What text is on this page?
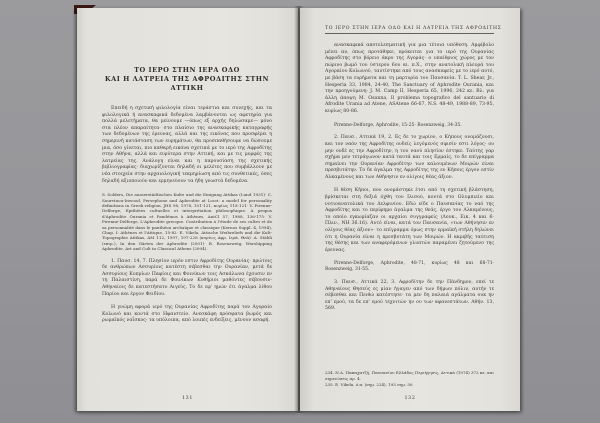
ΤΟ ΙΕΡΟ ΣΤΗΝ ΙΕΡΑ ΟΔΟ
ΚΑΙ Η ΛΑΤΡΕΙΑ ΤΗΣ ΑΦΡΟΔΙΤΗΣ ΣΤΗΝ ΑΤΤΙΚΗ

Επειδή η σχετική φιλολογία είναι τεράστια και συνεχής, και τα φιλολογικά ή ανασκαφικά δεδομένα λαμβάνονται ως αφετηρία για πολλά μελετήματα, θα μείνουμε —όπως εξ αρχής δηλώσαμε— μόνο στα πλέον απαραίτητα· στο πλαίσιο της ανασκαφικής καταγραφής των δεδομένων της έρευνας, αλλά και της εικόνας που προσφέρει η σημερινή κατάσταση των ευρημάτων, θα προσπαθήσουμε να δώσουμε μια, όσο γίνεται, πιο καθαρή εικόνα σχετικά με το ιερό της Αφροδίτης στην Αθήνα, αλλά και ευρύτερα στην Αττική, και με τις μορφές της λατρείας της. Ανάλογη είναι και η παρουσίαση της σχετικής βιβλιογραφίας· διαχωρίζονται δηλαδή οι μελέτες που συμβάλλουν με νέα στοιχεία στην αρχαιολογική τεκμηρίωση από τις συνθετικές, όσες δηλαδή αξιοποιούν και ερμηνεύουν τα ήδη γνωστά δεδομένα.

S. Solders, Die ausserstädtischen Kulte und die Einigung Attikas (Lund 1931)· C. Sourvinou-Inwood, Persephone and Aphrodite at Locri: a model for personality definitions in Greek religion, JHS 98, 1978, 101-121, κυρίως 118-121· V. Pirenne-Delforge, Epithètes cultuelles et interprétation philosophique. À propos d'Aphrodite Ourania et Pandémos à Athènes, AntCl 57, 1988, 136-175· V. Pirenne-Delforge, L'Aphrodite grecque. Contribution à l'étude de ses cultes et de sa personnalité dans le panthéon archaïque et classique (Kernos Suppl. 4, 1994), Chap. I: Athènes et l'Attique, 15-82· E. Vikela, Attische Weihreliefs und die Kult-Topographie Attikas, AM 112, 1997, 197-228 (κυρίως Αφρ. Ιερά, Θεά)· A. Stähli (επιμ.), In den Gärten der Aphrodite (2001)· R. Rosenzweig, Worshipping Aphrodite. Art and Cult in Classical Athens (2004).

1. Παυσ. 14, 7. Πλησίον ιερόν εστιν Αφροδίτης Ουρανίας· πρώτοις δε ανθρώπων Ασσυρίοις κατέστη σέβεσθαι την Ουρανίαν, μετά δε Ασσυρίους Κυπρίων Παφίοις και Φοινίκων τοις Ασκάλωνα έχουσιν εν τη Παλαιστίνη, παρά δε Φοινίκων Κυθήριοι μαθόντες σέβουσιν· Αθηναίοις δε κατεστήσατο Αιγεύς. Το δε εφ' ημών έτι άγαλμα λίθου Παρίου και έργον Φειδίου.

Η γνώμη αφορά ιερό της Ουρανίας Αφροδίτης παρά τον Αγοραίο Κολωνό και κοντά στο Ηφαιστείο. Ανεσκάφη πρόσφατα βωμός και ρωμαϊκός ναΐσκος· τα υπόλοιπα, από λοιπές ενδείξεις, μένουν ασαφή.

131
ΤΟ ΙΕΡΟ ΣΤΗΝ ΙΕΡΑ ΟΔΟ ΚΑΙ Η ΛΑΤΡΕΙΑ ΤΗΣ ΑΦΡΟΔΙΤΗΣ

ανασκαφικά αποτελεσματική για μια τέτοια υπόθεση. Αμφίβολο μένει αν, όπως προτάθηκε, πρόκειται για το ιερό της Ουρανίας Αφροδίτης στο βόρειο άκρο της Αγοράς· ο υπαίθριος χώρος με τον πώρινο βωμό του ύστερου 6ου αι. π.Χ., στην ανατολική πλευρά του Αγοραίου Κολωνού, ταυτίστηκε από τους ανασκαφείς με το ιερό αυτό, με βάση τα ευρήματα και τη μαρτυρία του Παυσανία. T. L. Shear, Jr., Hesperia 33, 1984, 24-40, The Sanctuary of Aphrodite Ourania, και την προηγούμενη· J. M. Camp II, Hesperia 65, 1996, 242 κε. Βλ. για άλλη άποψη M. Osanna, Il problema topografico del santuario di Afrodite Urania ad Atene, ASAtene 66-67, N.S. 48-49, 1988-89, 73-95, κυρίως 80-86.

Pirenne-Delforge, Aphrodite, 15-25· Rosenzweig, 34-35.

2. Παυσ., Αττικά 19, 2. Ες δε το χωρίον, ο Κήπους ονομάζουσι, και τον ναόν της Αφροδίτης ουδείς λεγόμενός σφισίν εστι λόγος· ου μην ουδέ ες την Αφροδίτην, η του ναού πλησίον έστηκε. Ταύτης γαρ σχήμα μεν τετράγωνον κατά ταυτά και τοις Ερμαίς, το δε επίγραμμα σημαίνει την Ουρανίαν Αφροδίτην των καλουμένων Μοιρών είναι πρεσβυτάτην. Το δε άγαλμα της Αφροδίτης της εν Κήποις έργον εστίν Αλκαμένους και των Αθήνησιν εν ολίγοις θέας άξιον.

Η θέση Κήποι, που ονομάστηκε έτσι από τη σχετική βλάστηση, βρίσκεται στη δεξιά όχθη του Ιλισού, κοντά στο Ολυμπιείο και νοτιοανατολικά του Δελφινίου. Εδώ είδε ο Παυσανίας το ναό της Αφροδίτης και το περίφημο άγαλμα της θεάς, έργο του Αλκαμένους, το οποίο εγκωμίαζαν οι αρχαίοι συγγραφείς (Λουκ., Εικ. 4 και 6· Πλιν., NH 36.16). Αυτό είναι, κατά τον Παυσανία, «των Αθήνησιν εν ολίγοις θέας άξιον»· το επίγραμμα όμως στην ερμαϊκή στήλη δηλώνει ότι η Ουρανία είναι η πρεσβυτάτη των Μοιρών. Η ακριβής ταύτιση της θέσης και των αναφερόμενων γλυπτών παραμένει ζητούμενο της έρευνας.

Pirenne-Delforge, Aphrodite, 48-71, κυρίως 48 και 68-71· Rosenzweig, 31-55.

3. Παυσ., Αττικά 22, 3. Αφροδίτην δε την Πάνδημον, επεί τε Αθηναίους Θησεύς ες μίαν ήγαγεν από των δήμων πόλιν, αυτήν τε σέβεσθαι και Πειθώ κατέστησε· τα μεν δη παλαιά αγάλματα ουκ ην επ' εμού, τα δε επ' εμού τεχνιτών ην ου των αφανεστάτων. Αθήν. 13, 569.

234. Ν.Δ. Παπαχατζή, Παυσανίου Ελλάδος Περιήγησις, Αττικά (1974) 372 κε. και σημειώσεις αρ. 4.

235. Ε. Vikela, ό.π. (σημ. 224), 193 σημ. 50.

132
